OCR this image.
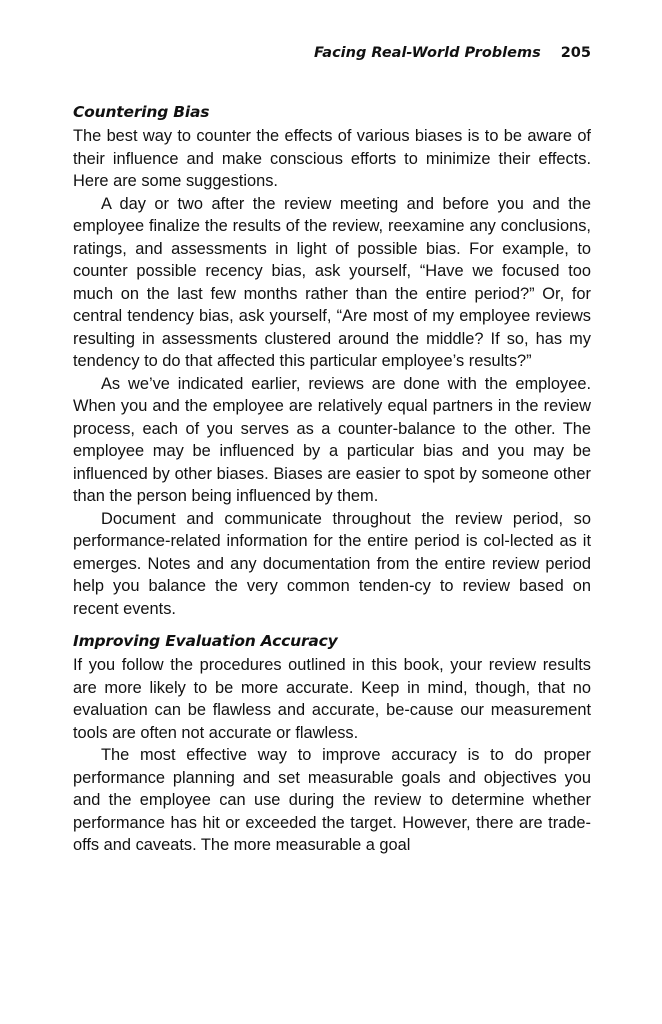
Facing Real-World Problems 205
Countering Bias

The best way to counter the effects of various biases is to be aware of their influence and make conscious efforts to minimize their effects. Here are some suggestions.

A day or two after the review meeting and before you and the employee finalize the results of the review, reexamine any conclusions, ratings, and assessments in light of possible bias. For example, to counter possible recency bias, ask yourself, “Have we focused too much on the last few months rather than the entire period?” Or, for central tendency bias, ask yourself, “Are most of my employee reviews resulting in assessments clustered around the middle? If so, has my tendency to do that affected this particular employee’s results?”

As we’ve indicated earlier, reviews are done with the employee. When you and the employee are relatively equal partners in the review process, each of you serves as a counter-balance to the other. The employee may be influenced by a particular bias and you may be influenced by other biases. Biases are easier to spot by someone other than the person being influenced by them.

Document and communicate throughout the review period, so performance-related information for the entire period is col-lected as it emerges. Notes and any documentation from the entire review period help you balance the very common tenden-cy to review based on recent events.

Improving Evaluation Accuracy

If you follow the procedures outlined in this book, your review results are more likely to be more accurate. Keep in mind, though, that no evaluation can be flawless and accurate, be-cause our measurement tools are often not accurate or flawless.

The most effective way to improve accuracy is to do proper performance planning and set measurable goals and objectives you and the employee can use during the review to determine whether performance has hit or exceeded the target. However, there are trade-offs and caveats. The more measurable a goal
